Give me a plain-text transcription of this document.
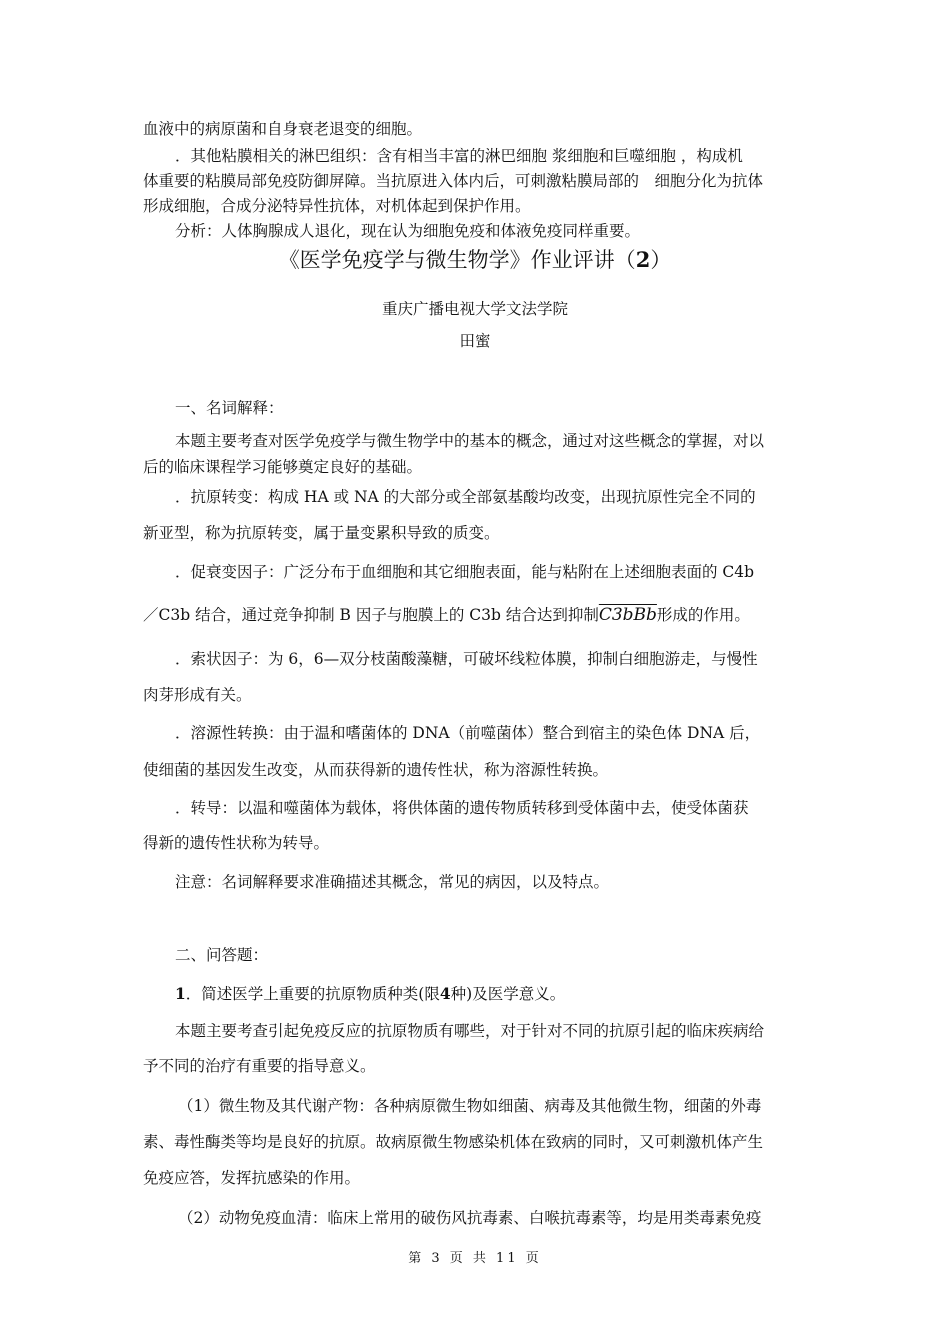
血液中的病原菌和自身衰老退变的细胞。
．其他粘膜相关的淋巴组织：含有相当丰富的淋巴细胞 浆细胞和巨噬细胞 ，构成机
体重要的粘膜局部免疫防御屏障。当抗原进入体内后，可刺激粘膜局部的　细胞分化为抗体
形成细胞，合成分泌特异性抗体，对机体起到保护作用。
分析：人体胸腺成人退化，现在认为细胞免疫和体液免疫同样重要。
《医学免疫学与微生物学》作业评讲（2）
重庆广播电视大学文法学院
田蜜
一、名词解释：
本题主要考查对医学免疫学与微生物学中的基本的概念，通过对这些概念的掌握，对以
后的临床课程学习能够奠定良好的基础。
．抗原转变：构成 HA 或 NA 的大部分或全部氨基酸均改变，出现抗原性完全不同的
新亚型，称为抗原转变，属于量变累积导致的质变。
．促衰变因子：广泛分布于血细胞和其它细胞表面，能与粘附在上述细胞表面的 C4b
／C3b 结合，通过竞争抑制 B 因子与胞膜上的 C3b 结合达到抑制C3bBb形成的作用。
．索状因子：为 6，6—双分枝菌酸藻糖，可破坏线粒体膜，抑制白细胞游走，与慢性
肉芽形成有关。
．溶源性转换：由于温和嗜菌体的 DNA（前噬菌体）整合到宿主的染色体 DNA 后，
使细菌的基因发生改变，从而获得新的遗传性状，称为溶源性转换。
．转导：以温和噬菌体为载体，将供体菌的遗传物质转移到受体菌中去，使受体菌获
得新的遗传性状称为转导。
注意：名词解释要求准确描述其概念，常见的病因，以及特点。
二、问答题：
1．简述医学上重要的抗原物质种类(限4种)及医学意义。
本题主要考查引起免疫反应的抗原物质有哪些，对于针对不同的抗原引起的临床疾病给
予不同的治疗有重要的指导意义。
（1）微生物及其代谢产物：各种病原微生物如细菌、病毒及其他微生物，细菌的外毒
素、毒性酶类等均是良好的抗原。故病原微生物感染机体在致病的同时，又可刺激机体产生
免疫应答，发挥抗感染的作用。
（2）动物免疫血清：临床上常用的破伤风抗毒素、白喉抗毒素等，均是用类毒素免疫
第 3 页 共 11 页
